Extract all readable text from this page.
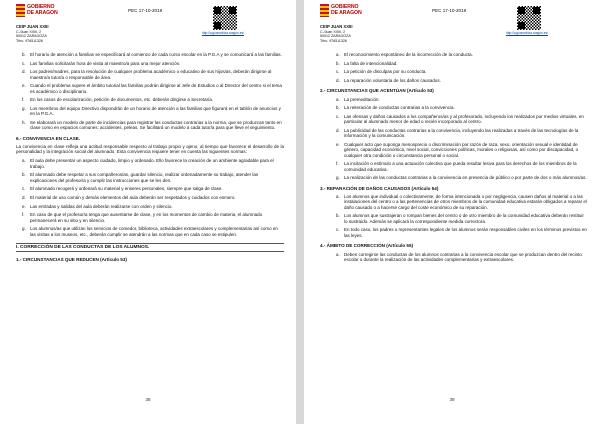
GOBIERNO
DE ARAGON
CEIP JUAN XXIII
C./Juan XXIII, 2
50012 ZARAGOZA
Tfno. 976511326
PEC 17-10-2019
http://cpjuanxxiiiza.aragon.es/
b. El horario de atención a familias se especificará al comienzo de cada curso escolar en la P.G.A y se comunicará a las familias.
c. Las familias solicitarán hora de visita al maestro/a para una mejor atención.
d. Los padres/madres, para la resolución de cualquier problema académico o educativo de sus hijos/as, deberán dirigirse al maestro/a tutor/a o responsable de área.
e. Cuando el problema supere el ámbito tutorial las familias podrán dirigirse al Jefe de Estudios o al Director del centro si el tema es académico o disciplinario.
f. En los casos de escolarización, petición de documentos, etc. deberán dirigirse a Secretaría.
g. Los miembros del equipo Directivo dispondrán de un horario de atención a las familias que figurará en el tablón de anuncios y en la P.G.A.
h. Se elaborará un modelo de parte de incidencias para registrar las conductas contrarias a la norma, que se produzcan tanto en clase como en espacios comunes: accidentes, peleas. Se facilitará un modelo a cada tutor/a para que lleve el seguimiento.
6.- CONVIVENCIA EN CLASE.
La convivencia en clase refleja una actitud responsable respecto al trabajo propio y ajeno, al tiempo que favorece el desarrollo de la personalidad y la integración social del alumnado. Esta convivencia requiere tener en cuenta las siguientes normas:
a. El aula debe presentar un aspecto cuidado, limpio y ordenado. Ello favorece la creación de un ambiente agradable para el trabajo.
b. El alumnado debe respetar a sus compañeros/as, guardar silencio, realizar ordenadamente su trabajo, atender las explicaciones del profesor/a y cumplir las instrucciones que se les den.
c. El alumnado recogerá y ordenará su material y enseres personales, siempre que salga de clase.
d. El material de uso común y demás elementos del aula deberán ser respetados y cuidados con esmero.
e. Las entradas y salidas del aula deberán realizarse con orden y silencio.
f. En caso de que el profesor/a tenga que ausentarse de clase, y en los momentos de cambio de materia, el alumnado permanecerá en su sitio y en silencio.
g. Los alumnos/as que utilizan los servicios de comedor, biblioteca, actividades extraescolares y complementarias así como en las visitas a los museos, etc., deberán cumplir se atendrán a las normas que en cada caso se estipulen.
I. CORRECCIÓN DE LAS CONDUCTAS DE LOS ALUMNOS.
1.- CIRCUNSTANCIAS QUE REDUCEN (Artículo 53)
38
GOBIERNO
DE ARAGON
CEIP JUAN XXIII
C./Juan XXIII, 2
50012 ZARAGOZA
Tfno. 976511326
PEC 17-10-2019
http://cpjuanxxiiiza.aragon.es/
a. El reconocimiento espontáneo de la incorrección de la conducta.
b. La falta de intencionalidad.
c. La petición de disculpas por su conducta.
d. La reparación voluntaria de los daños causados.
2.- CIRCUNSTANCIAS QUE ACENTÚAN (Artículo 53)
a. La premeditación.
b. La reiteración de conductas contrarias a la convivencia.
c. Las ofensas y daños causados a los compañeros/as y al profesorado, incluyendo los realizados por medios virtuales, en particular al alumnado menor de edad o recién incorporado al centro.
d. La publicidad de las conductas contrarias a la convivencia, incluyendo las realizadas a través de las tecnologías de la información y la comunicación.
e. Cualquier acto que suponga menosprecio o discriminación por razón de raza, sexo, orientación sexual e identidad de género, capacidad económica, nivel social, convicciones políticas, morales o religiosas, así como por discapacidad, o cualquier otra condición o circunstancia personal o social.
f. La incitación o estímulo a una actuación colectiva que pueda resultar lesiva para los derechos de los miembros de la comunidad educativa.
g. La realización de las conductas contrarias a la convivencia en presencia de público o por parte de dos o más alumnos/as.
3.- REPARACIÓN DE DAÑOS CAUSADOS (Artículo 54)
a. Los alumnos que individual o colectivamente, de forma intencionada o por negligencia, causen daños al material o a las instalaciones del centro o a las pertenencias de otros miembros de la comunidad educativa estarán obligados a reparar el daño causado o a hacerse cargo del coste económico de su reparación.
b. Los alumnos que sustrajeran o rompan bienes del centro o de otro miembro de la comunidad educativa deberán restituir lo sustraído. Además se aplicará la correspondiente medida correctora.
c. En todo caso, los padres o representantes legales de los alumnos serán responsables civiles en los términos previstos en las leyes.
4.- ÁMBITO DE CORRECCIÓN (Artículo 55)
a. Deben corregirse las conductas de los alumnos contrarias a la convivencia escolar que se produzcan dentro del recinto escolar o durante la realización de las actividades complementarias y extraescolares.
39
